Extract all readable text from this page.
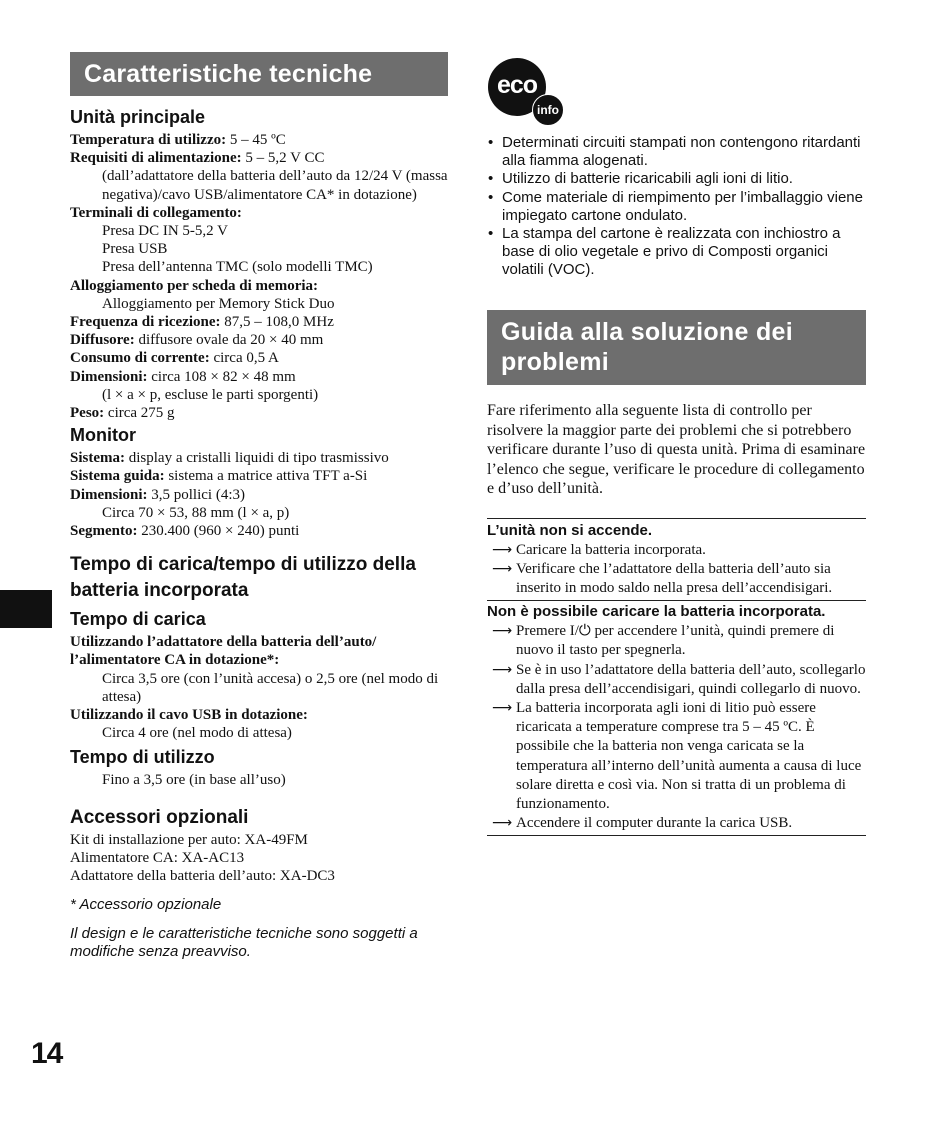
Caratteristiche tecniche
Unità principale
Temperatura di utilizzo: 5 – 45 ºC
Requisiti di alimentazione: 5 – 5,2 V CC
(dall’adattatore della batteria dell’auto da 12/24 V (massa negativa)/cavo USB/alimentatore CA* in dotazione)
Terminali di collegamento:
Presa DC IN 5-5,2 V
Presa USB
Presa dell’antenna TMC (solo modelli TMC)
Alloggiamento per scheda di memoria:
Alloggiamento per Memory Stick Duo
Frequenza di ricezione: 87,5 – 108,0 MHz
Diffusore: diffusore ovale da 20 × 40 mm
Consumo di corrente: circa 0,5 A
Dimensioni: circa 108 × 82 × 48 mm
(l × a × p, escluse le parti sporgenti)
Peso: circa 275 g
Monitor
Sistema: display a cristalli liquidi di tipo trasmissivo
Sistema guida: sistema a matrice attiva TFT a-Si
Dimensioni: 3,5 pollici (4:3)
Circa 70 × 53, 88 mm (l × a, p)
Segmento: 230.400 (960 × 240) punti
Tempo di carica/tempo di utilizzo della batteria incorporata
Tempo di carica
Utilizzando l’adattatore della batteria dell’auto/ l’alimentatore CA in dotazione*:
Circa 3,5 ore (con l’unità accesa) o 2,5 ore (nel modo di attesa)
Utilizzando il cavo USB in dotazione:
Circa 4 ore (nel modo di attesa)
Tempo di utilizzo
Fino a 3,5 ore (in base all’uso)
Accessori opzionali
Kit di installazione per auto: XA-49FM
Alimentatore CA: XA-AC13
Adattatore della batteria dell’auto: XA-DC3
* Accessorio opzionale
Il design e le caratteristiche tecniche sono soggetti a modifiche senza preavviso.
eco
info
• Determinati circuiti stampati non contengono ritardanti alla fiamma alogenati.
• Utilizzo di batterie ricaricabili agli ioni di litio.
• Come materiale di riempimento per l’imballaggio viene impiegato cartone ondulato.
• La stampa del cartone è realizzata con inchiostro a base di olio vegetale e privo di Composti organici volatili (VOC).
Guida alla soluzione dei
problemi
Fare riferimento alla seguente lista di controllo per risolvere la maggior parte dei problemi che si potrebbero verificare durante l’uso di questa unità. Prima di esaminare l’elenco che segue, verificare le procedure di collegamento e d’uso dell’unità.
L’unità non si accende.
⟶ Caricare la batteria incorporata.
⟶ Verificare che l’adattatore della batteria dell’auto sia inserito in modo saldo nella presa dell’accendisigari.
Non è possibile caricare la batteria incorporata.
⟶ Premere I/⏻ per accendere l’unità, quindi premere di nuovo il tasto per spegnerla.
⟶ Se è in uso l’adattatore della batteria dell’auto, scollegarlo dalla presa dell’accendisigari, quindi collegarlo di nuovo.
⟶ La batteria incorporata agli ioni di litio può essere ricaricata a temperature comprese tra 5 – 45 ºC. È possibile che la batteria non venga caricata se la temperatura all’interno dell’unità aumenta a causa di luce solare diretta e così via. Non si tratta di un problema di funzionamento.
⟶ Accendere il computer durante la carica USB.
14
